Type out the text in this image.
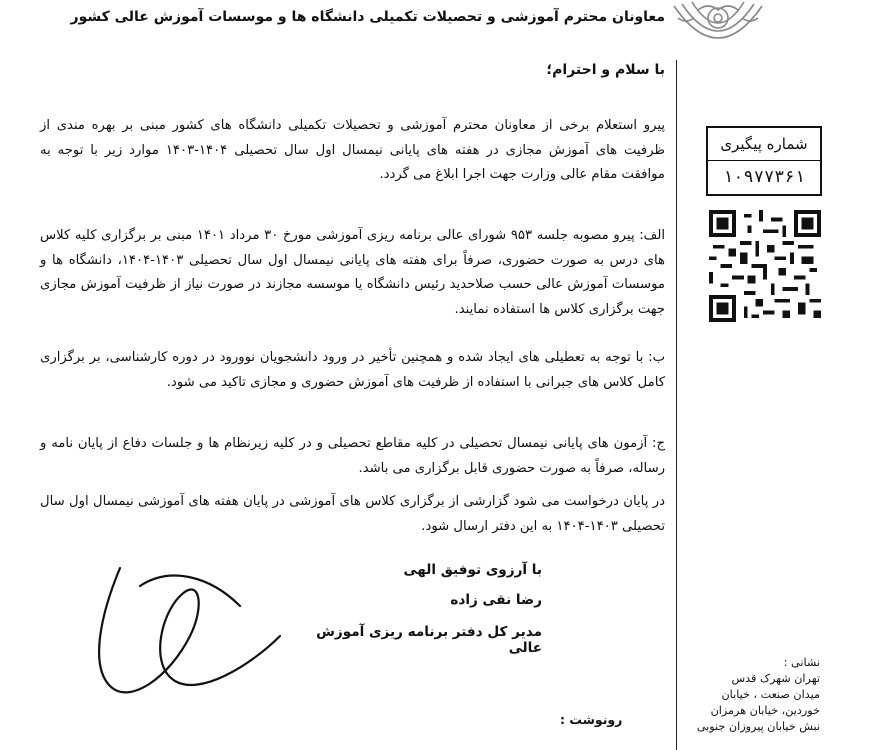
معاونان محترم آموزشی و تحصیلات تکمیلی دانشگاه ها و موسسات آموزش عالی کشور
با سلام و احترام؛

پیرو استعلام برخی از معاونان محترم آموزشی و تحصیلات تکمیلی دانشگاه های کشور مبنی بر بهره مندی از ظرفیت های آموزش مجازی در هفته های پایانی نیمسال اول سال تحصیلی ۱۴۰۴-۱۴۰۳ موارد زیر با توجه به موافقت مقام عالی وزارت جهت اجرا ابلاغ می گردد.

الف: پیرو مصوبه جلسه ۹۵۳ شورای عالی برنامه ریزی آموزشی مورخ ۳۰ مرداد ۱۴۰۱ مبنی بر برگزاری کلیه کلاس های درس به صورت حضوری، صرفاً برای هفته های پایانی نیمسال اول سال تحصیلی ۱۴۰۳-۱۴۰۴، دانشگاه ها و موسسات آموزش عالی حسب صلاحدید رئیس دانشگاه یا موسسه مجازند در صورت نیاز از ظرفیت آموزش مجازی جهت برگزاری کلاس ها استفاده نمایند.

ب: با توجه به تعطیلی های ایجاد شده و همچنین تأخیر در ورود دانشجویان نوورود در دوره کارشناسی، بر برگزاری کامل کلاس های جبرانی با استفاده از ظرفیت های آموزش حضوری و مجازی تاکید می شود.

ج: آزمون های پایانی نیمسال تحصیلی در کلیه مقاطع تحصیلی و در کلیه زیرنظام ها و جلسات دفاع از پایان نامه و رساله، صرفاً به صورت حضوری قابل برگزاری می باشد.

در پایان درخواست می شود گزارشی از برگزاری کلاس های آموزشی در پایان هفته های آموزشی نیمسال اول سال تحصیلی ۱۴۰۳-۱۴۰۴ به این دفتر ارسال شود.

با آرزوی توفیق الهی
رضا نقی زاده
مدیر کل دفتر برنامه ریزی آموزش عالی
رونوشت :
شماره پیگیری
۱۰۹۷۷۳۶۱
نشانی :
تهران شهرک قدس
میدان صنعت ، خیابان
خوردین، خیابان هرمزان
نبش خیابان پیروزان جنوبی
